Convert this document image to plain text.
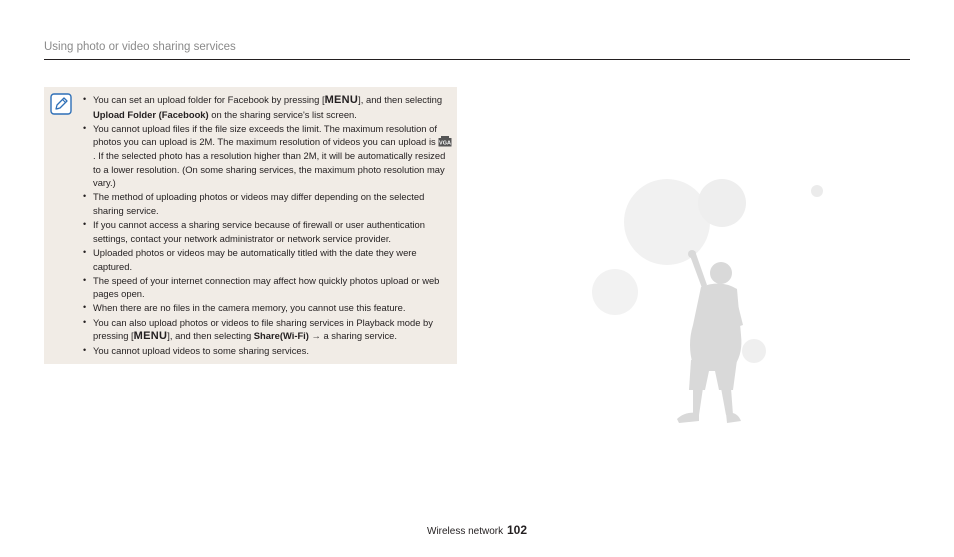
Using photo or video sharing services
• You can set an upload folder for Facebook by pressing [MENU], and then selecting Upload Folder (Facebook) on the sharing service's list screen.
• You cannot upload files if the file size exceeds the limit. The maximum resolution of photos you can upload is 2M. The maximum resolution of videos you can upload is VGA
. If the selected photo has a resolution higher than 2M, it will be automatically resized to a lower resolution. (On some sharing services, the maximum photo resolution may vary.)
• The method of uploading photos or videos may differ depending on the selected sharing service.
• If you cannot access a sharing service because of firewall or user authentication settings, contact your network administrator or network service provider.
• Uploaded photos or videos may be automatically titled with the date they were captured.
• The speed of your internet connection may affect how quickly photos upload or web pages open.
• When there are no files in the camera memory, you cannot use this feature.
• You can also upload photos or videos to file sharing services in Playback mode by pressing [MENU], and then selecting Share(Wi-Fi) → a sharing service.
• You cannot upload videos to some sharing services.
Wireless network 102
